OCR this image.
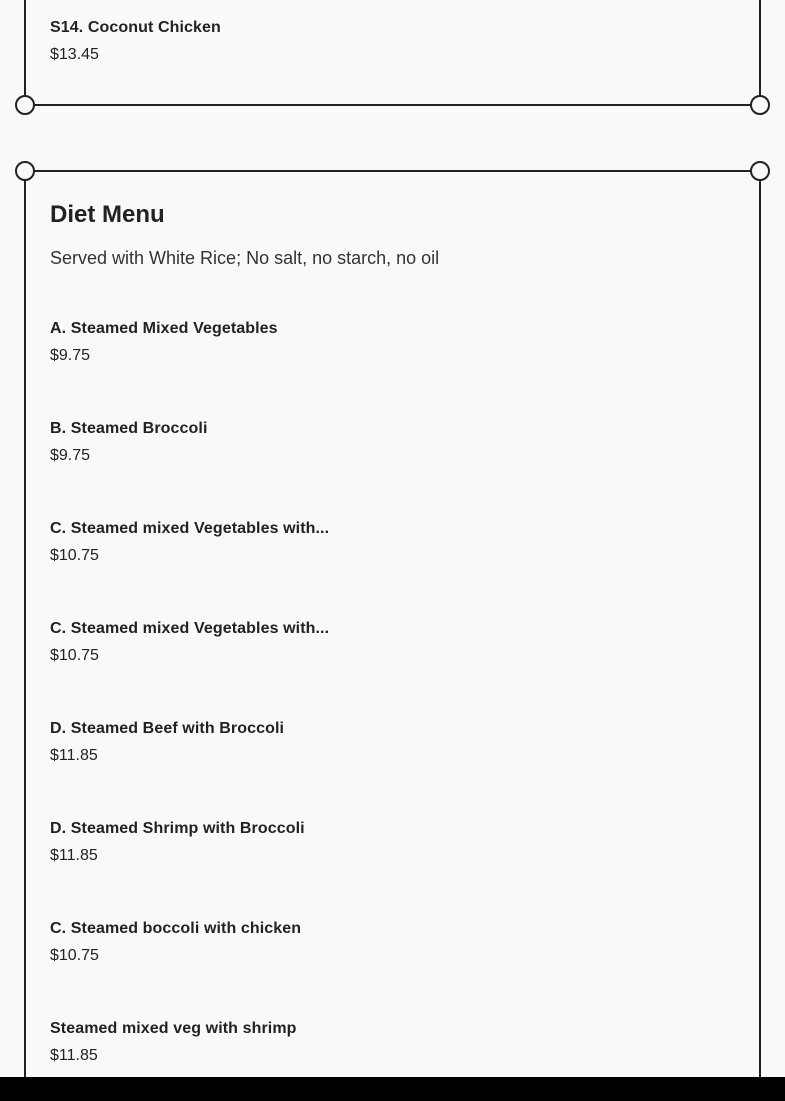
S14. Coconut Chicken
$13.45
Diet Menu
Served with White Rice; No salt, no starch, no oil
A. Steamed Mixed Vegetables
$9.75
B. Steamed Broccoli
$9.75
C. Steamed mixed Vegetables with...
$10.75
C. Steamed mixed Vegetables with...
$10.75
D. Steamed Beef with Broccoli
$11.85
D. Steamed Shrimp with Broccoli
$11.85
C. Steamed boccoli with chicken
$10.75
Steamed mixed veg with shrimp
$11.85
